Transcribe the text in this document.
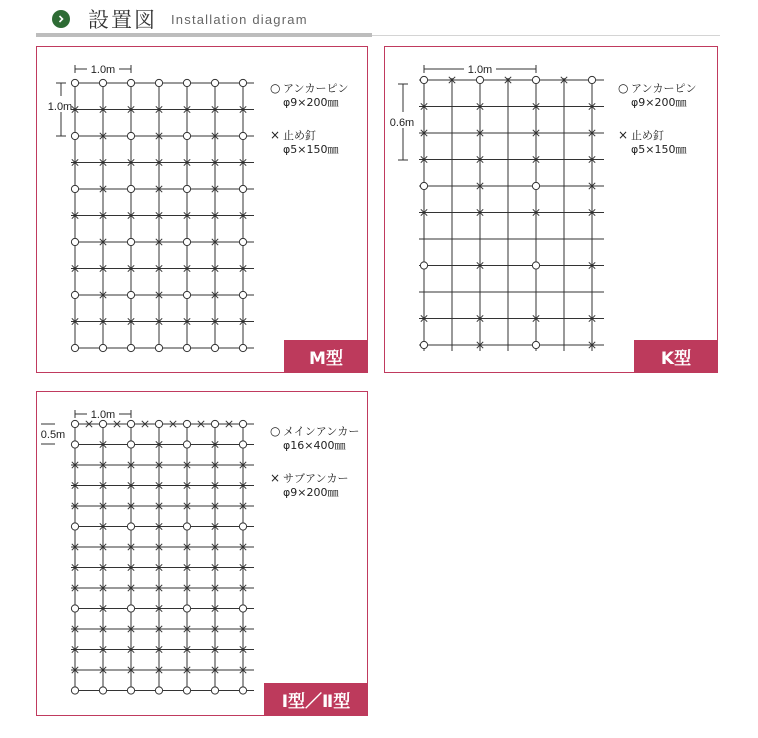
設置図 Installation diagram
1.0m
1.0m
○ アンカーピン
φ9×200㎜
× 止め釘
φ5×150㎜
M型
1.0m
0.6m
○ アンカーピン
φ9×200㎜
× 止め釘
φ5×150㎜
K型
1.0m
0.5m	○ メインアンカー
φ16×400㎜
× サブアンカー
φ9×200㎜
Ⅰ型／Ⅱ型
